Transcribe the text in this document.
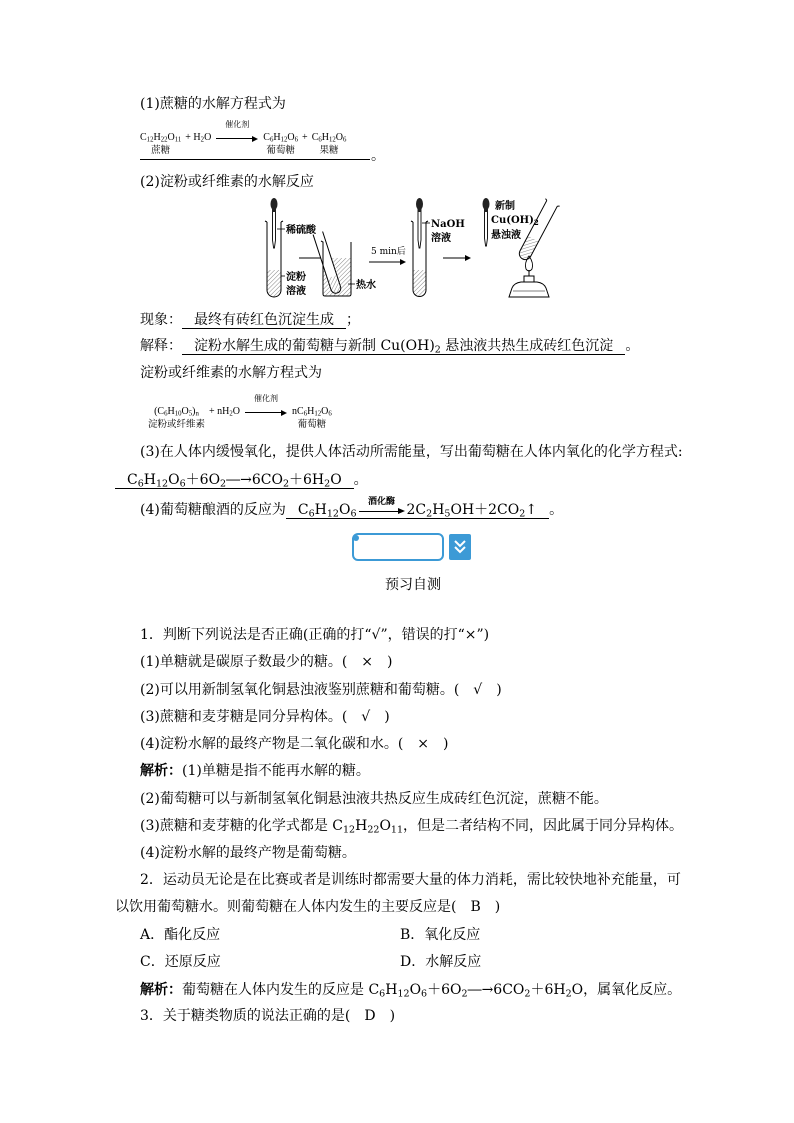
(1)蔗糖的水解方程式为
$C_{12}H_{22}O_{11}$
蔗糖
+ $H_2O$
催化剂
$C_6H_{12}O_6$
葡萄糖
+ $C_6H_{12}O_6$
果糖 。
(2)淀粉或纤维素的水解反应
稀硫酸
淀粉
溶液
热水
5 min后
NaOH
溶液
新制
$Cu(OH)_2$
悬浊液
现象： 最终有砖红色沉淀生成 ；
解释： 淀粉水解生成的葡萄糖与新制 $Cu(OH)_2$ 悬浊液共热生成砖红色沉淀 。
淀粉或纤维素的水解方程式为
$(C_6H_{10}O_5)_n$
淀粉或纤维素
+ $nH_2O$
催化剂
$nC_6H_{12}O_6$
葡萄糖
(3)在人体内缓慢氧化，提供人体活动所需能量，写出葡萄糖在人体内氧化的化学方程式:
$C_6H_{12}O_6+6O_2―\to 6CO_2+6H_2O$ 。
(4)葡萄糖酿酒的反应为 $C_6H_{12}O_6$
酒化酶 $2C_2H_5OH+2CO_2↑$ 。
预习自测
1．判断下列说法是否正确(正确的打“√”，错误的打“×”)
(1)单糖就是碳原子数最少的糖。(　×　)
(2)可以用新制氢氧化铜悬浊液鉴别蔗糖和葡萄糖。(　√　)
(3)蔗糖和麦芽糖是同分异构体。(　√　)
(4)淀粉水解的最终产物是二氧化碳和水。(　×　)
解析：(1)单糖是指不能再水解的糖。
(2)葡萄糖可以与新制氢氧化铜悬浊液共热反应生成砖红色沉淀，蔗糖不能。
(3)蔗糖和麦芽糖的化学式都是 $C_{12}H_{22}O_{11}$，但是二者结构不同，因此属于同分异构体。
(4)淀粉水解的最终产物是葡萄糖。
2．运动员无论是在比赛或者是训练时都需要大量的体力消耗，需比较快地补充能量，可
以饮用葡萄糖水。则葡萄糖在人体内发生的主要反应是(　B　)
A．酯化反应	B．氧化反应
C．还原反应	D．水解反应
解析：葡萄糖在人体内发生的反应是 $C_6H_{12}O_6+6O_2―\to 6CO_2+6H_2O$，属氧化反应。
3．关于糖类物质的说法正确的是(　D　)
